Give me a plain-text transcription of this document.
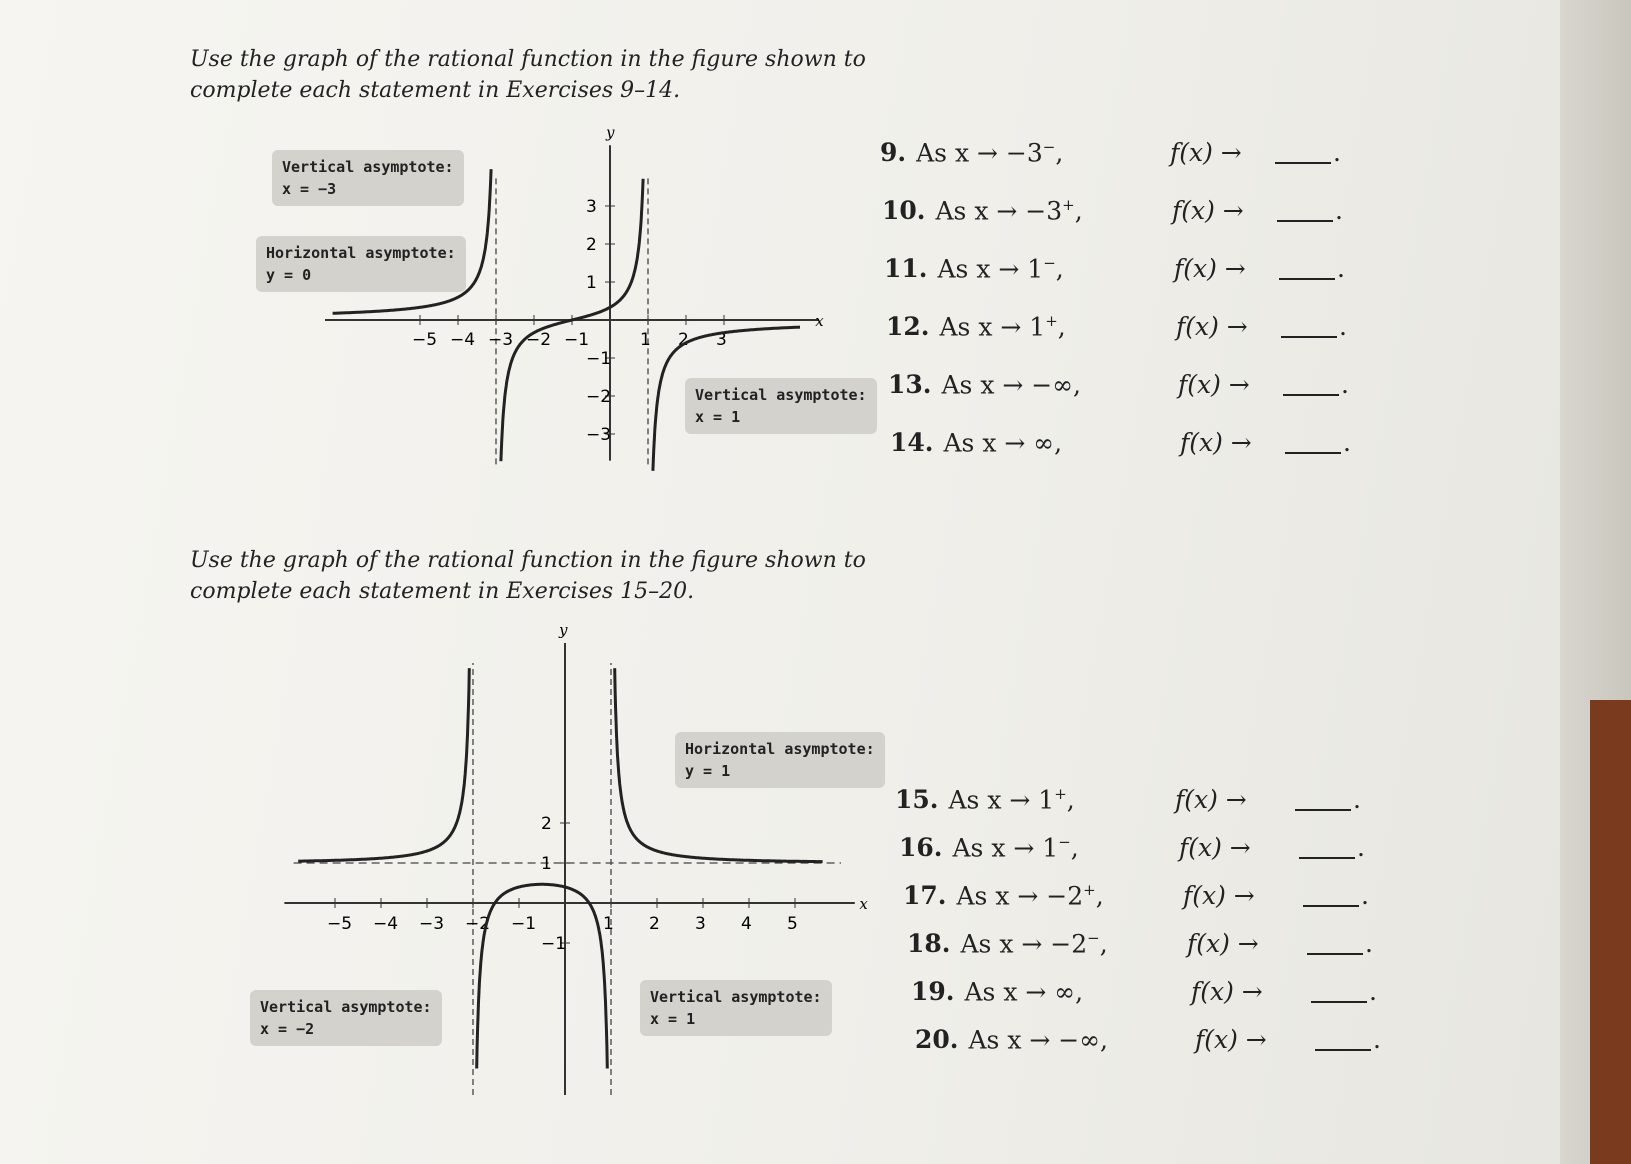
Use the graph of the rational function in the figure shown to complete each statement in Exercises 9–14.
x
y
−5 −4 −3 −2 −1	1 2 3
3
2
1
−1
−2
−3
Vertical asymptote:
x = −3
Horizontal asymptote:
y = 0
Vertical asymptote:
x = 1
9. As x → −3−,	f(x) →	.
10. As x → −3+,	f(x) →	.
11. As x → 1−,	f(x) →	.
12. As x → 1+,	f(x) →	.
13. As x → −∞,	f(x) →	.
14. As x → ∞,	f(x) →	.
Use the graph of the rational function in the figure shown to complete each statement in Exercises 15–20.
x
y
−5 −4 −3 −2 −1	1 2 3 4 5
2
1
−1
Horizontal asymptote:
y = 1
Vertical asymptote:
x = −2
Vertical asymptote:
x = 1
15. As x → 1+,	f(x) →	.
16. As x → 1−,	f(x) →	.
17. As x → −2+,	f(x) →	.
18. As x → −2−,	f(x) →	.
19. As x → ∞,	f(x) →	.
20. As x → −∞,	f(x) →	.
